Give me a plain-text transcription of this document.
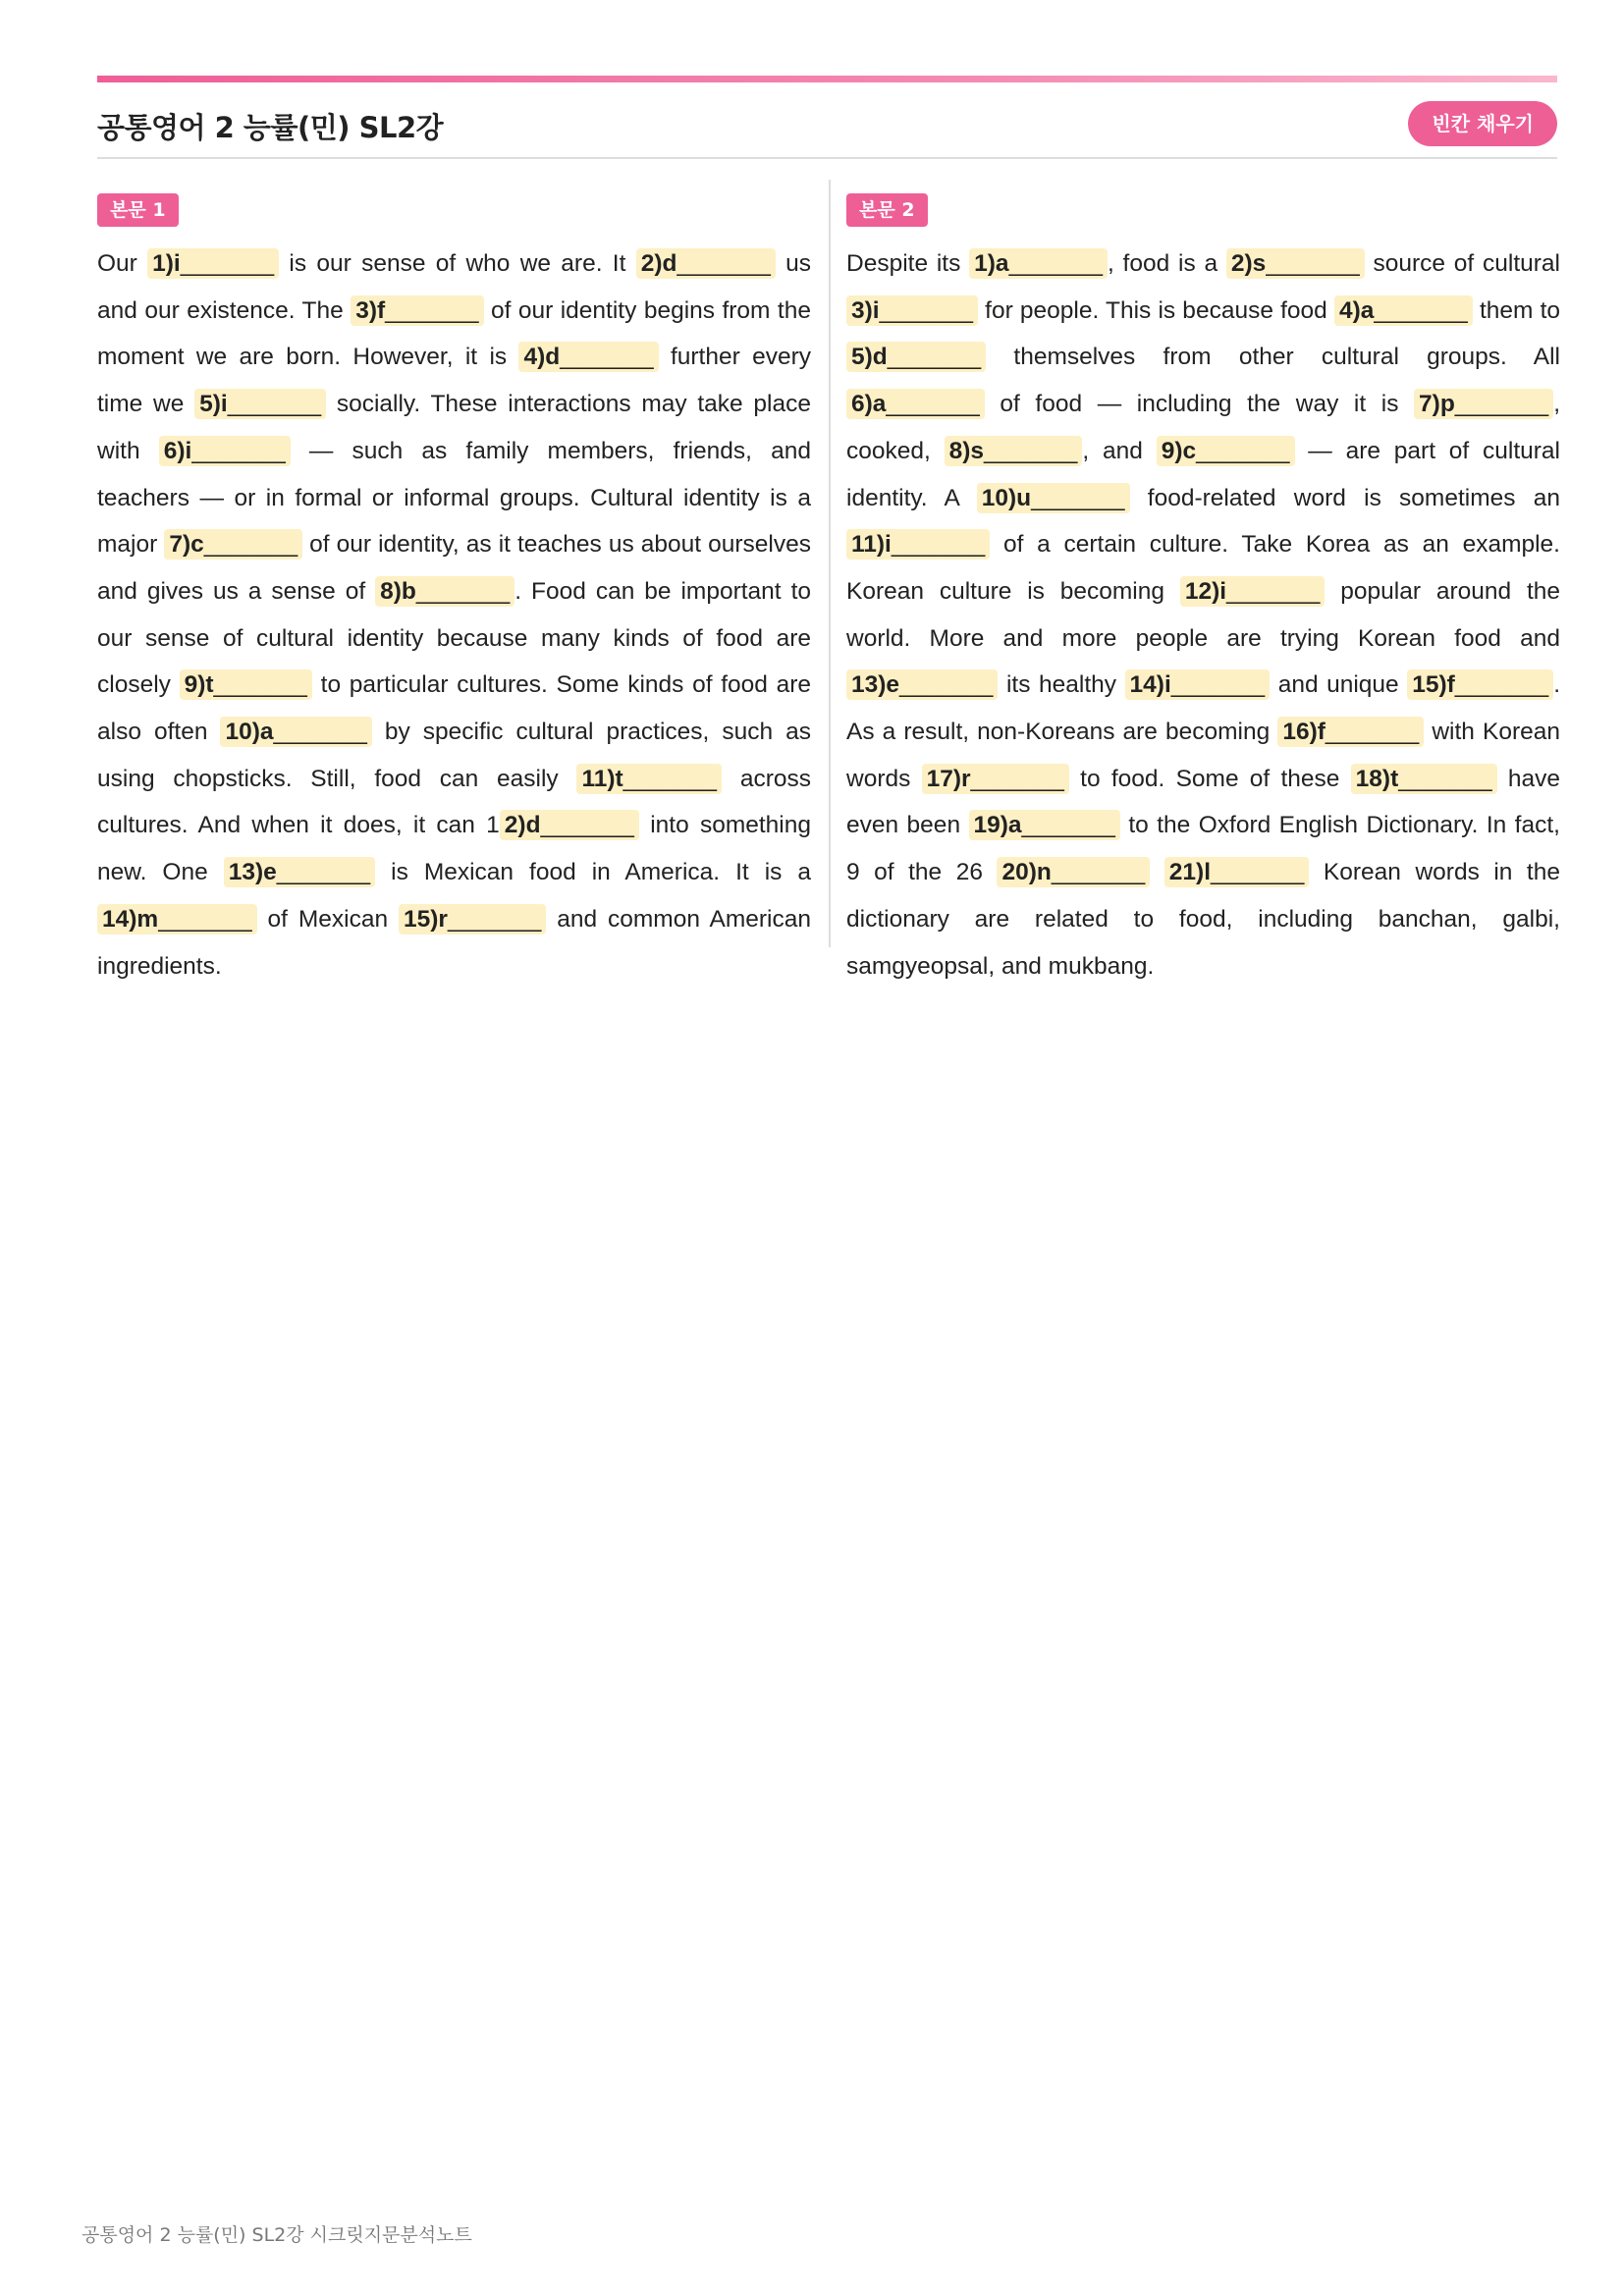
공통영어 2 능률(민) SL2강	빈칸 채우기
본문 1
Our 1)i _______	is our sense of who we are. It 2)d _______	us and our existence. The 3)f _______	of our identity begins from the moment we are born. However, it is 4)d _______	further every time we 5)i _______	socially. These interactions may take place with 6)i _______	— such as family members, friends, and teachers — or in formal or informal groups. Cultural identity is a major 7)c _______	of our identity, as it teaches us about ourselves and gives us a sense of 8)b _______	. Food can be important to our sense of cultural identity because many kinds of food are closely 9)t _______	to particular cultures. Some kinds of food are also often 10)a _______	by specific cultural practices, such as using chopsticks. Still, food can easily 11)t _______	across cultures. And when it does, it can 1 2)d _______	into something new. One 13)e _______	is Mexican food in America. It is a 14)m _______	of Mexican 15)r _______	and common American ingredients.
본문 2
Despite its 1)a _______	, food is a 2)s _______	source of cultural 3)i _______	for people. This is because food 4)a _______	them to 5)d _______	themselves from other cultural groups. All 6)a _______	of food — including the way it is 7)p _______	, cooked, 8)s _______	, and 9)c _______	— are part of cultural identity. A 10)u _______	food-related word is sometimes an 11)i _______	of a certain culture. Take Korea as an example. Korean culture is becoming 12)i _______	popular around the world. More and more people are trying Korean food and 13)e _______	its healthy 14)i _______	and unique 15)f _______	. As a result, non-Koreans are becoming 16)f _______	with Korean words 17)r _______	to food. Some of these 18)t _______	have even been 19)a _______	to the Oxford English Dictionary. In fact, 9 of the 26 20)n _______	21)l _______	Korean words in the dictionary are related to food, including banchan, galbi, samgyeopsal, and mukbang.
공통영어 2 능률(민) SL2강 시크릿지문분석노트
